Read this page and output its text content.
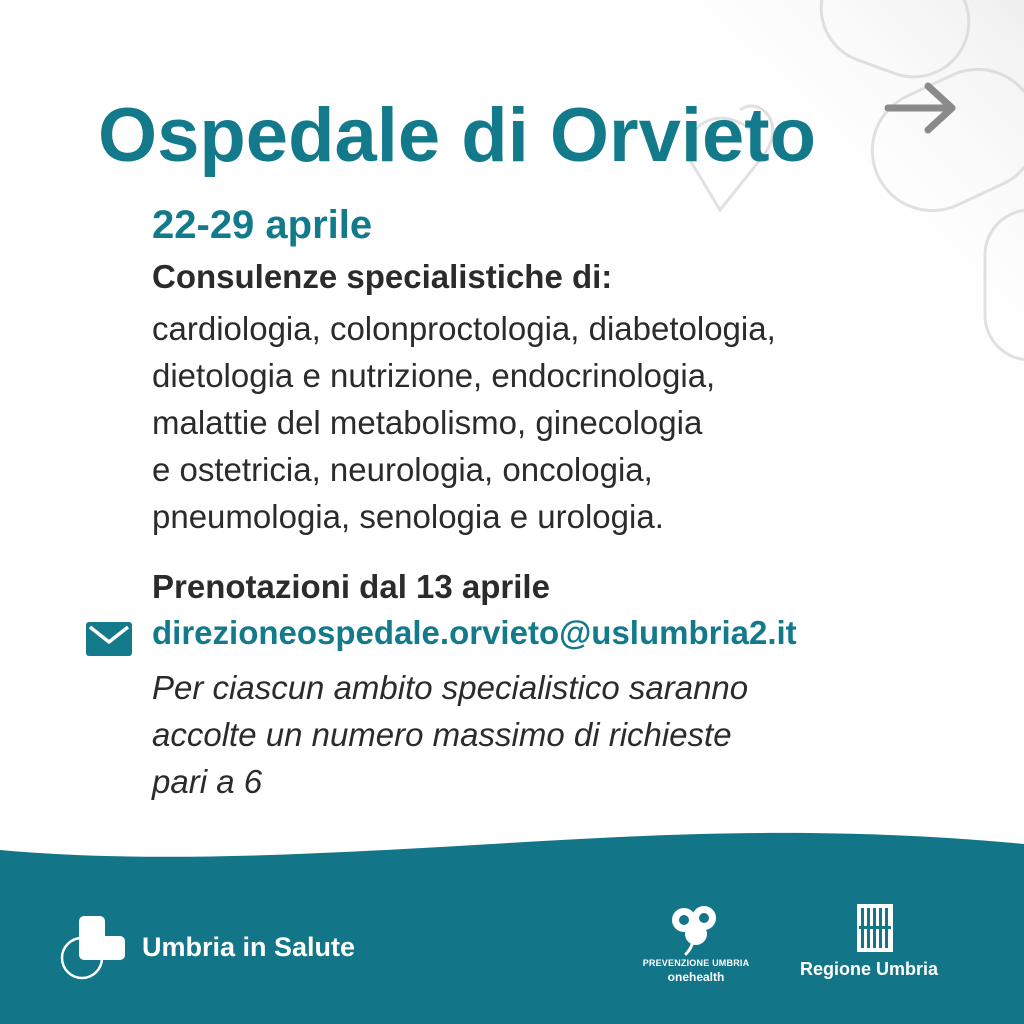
Ospedale di Orvieto
22-29 aprile
Consulenze specialistiche di:
cardiologia, colonproctologia, diabetologia,
dietologia e nutrizione, endocrinologia,
malattie del metabolismo, ginecologia
e ostetricia, neurologia, oncologia,
pneumologia, senologia e urologia.
Prenotazioni dal 13 aprile
direzioneospedale.orvieto@uslumbria2.it
Per ciascun ambito specialistico saranno
accolte un numero massimo di richieste
pari a 6
Umbria in Salute
PREVENZIONE UMBRIA
onehealth	Regione Umbria
